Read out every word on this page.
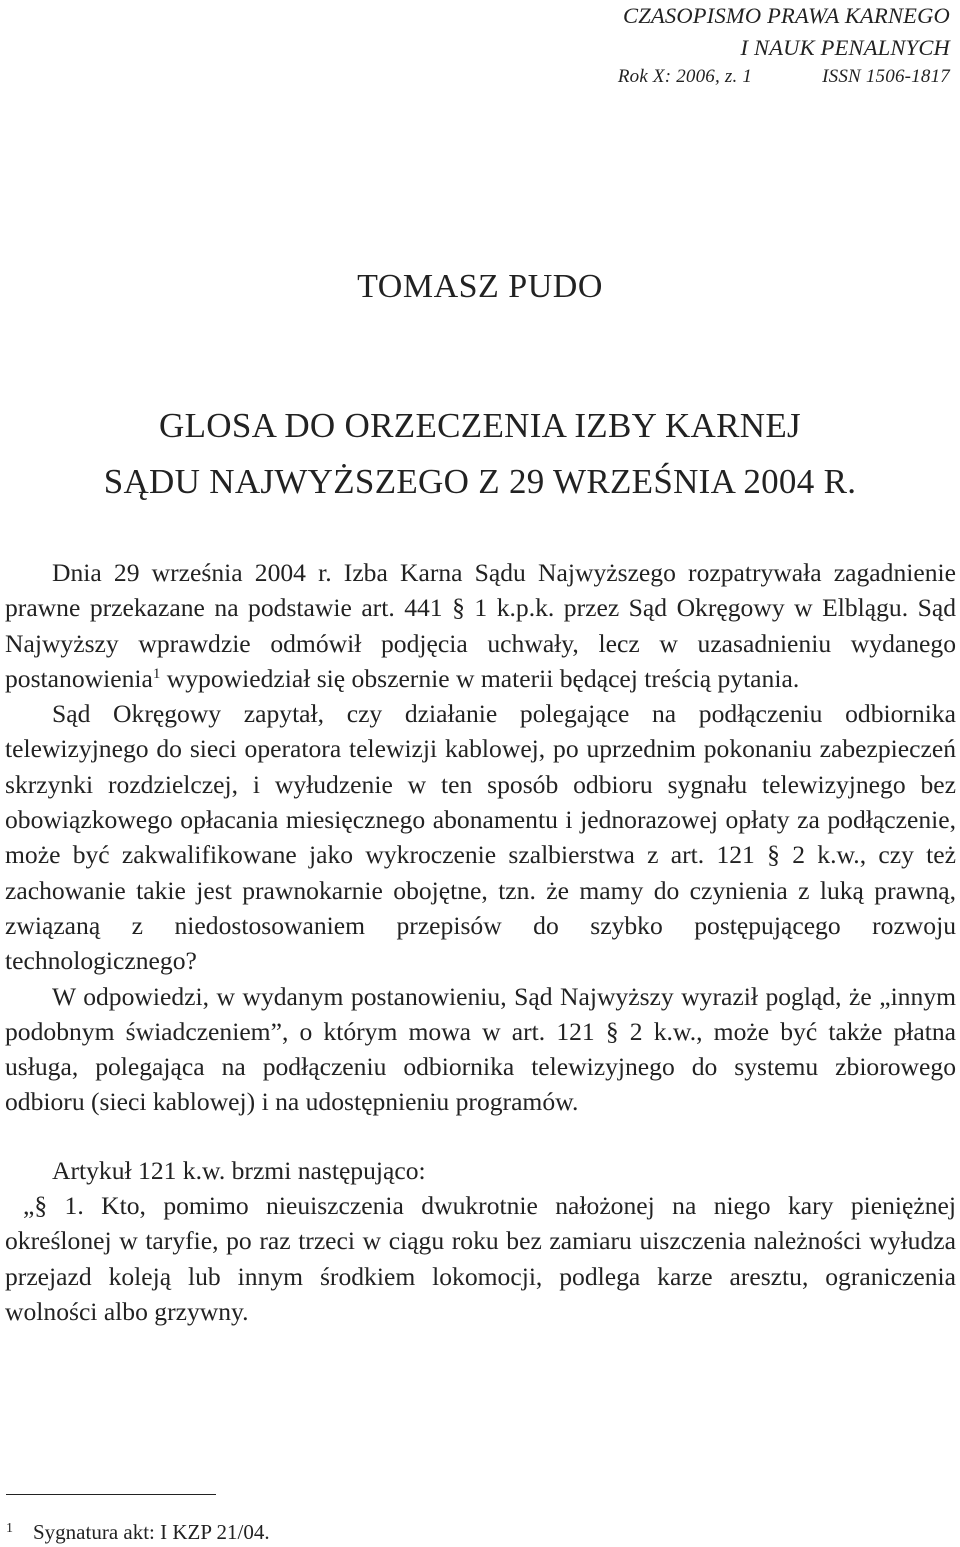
CZASOPISMO PRAWA KARNEGO
I NAUK PENALNYCH
Rok X: 2006, z. 1	ISSN 1506-1817
TOMASZ PUDO
GLOSA DO ORZECZENIA IZBY KARNEJ
SĄDU NAJWYŻSZEGO Z 29 WRZEŚNIA 2004 R.

Dnia 29 września 2004 r. Izba Karna Sądu Najwyższego rozpatrywała zagadnienie prawne przekazane na podstawie art. 441 § 1 k.p.k. przez Sąd Okręgowy w Elblągu. Sąd Najwyższy wprawdzie odmówił podjęcia uchwały, lecz w uzasadnieniu wydanego postanowienia$^1$ wypowiedział się obszernie w materii będącej treścią pytania.

Sąd Okręgowy zapytał, czy działanie polegające na podłączeniu odbiornika telewizyjnego do sieci operatora telewizji kablowej, po uprzednim pokonaniu zabezpieczeń skrzynki rozdzielczej, i wyłudzenie w ten sposób odbioru sygnału telewizyjnego bez obowiązkowego opłacania miesięcznego abonamentu i jednorazowej opłaty za podłączenie, może być zakwalifikowane jako wykroczenie szalbierstwa z art. 121 § 2 k.w., czy też zachowanie takie jest prawnokarnie obojętne, tzn. że mamy do czynienia z luką prawną, związaną z niedostosowaniem przepisów do szybko postępującego rozwoju technologicznego?

W odpowiedzi, w wydanym postanowieniu, Sąd Najwyższy wyraził pogląd, że „innym podobnym świadczeniem”, o którym mowa w art. 121 § 2 k.w., może być także płatna usługa, polegająca na podłączeniu odbiornika telewizyjnego do systemu zbiorowego odbioru (sieci kablowej) i na udostępnieniu programów.

Artykuł 121 k.w. brzmi następująco:

„§ 1. Kto, pomimo nieuiszczenia dwukrotnie nałożonej na niego kary pieniężnej określonej w taryfie, po raz trzeci w ciągu roku bez zamiaru uiszczenia należności wyłudza przejazd koleją lub innym środkiem lokomocji, podlega karze aresztu, ograniczenia wolności albo grzywny.

$^1$ Sygnatura akt: I KZP 21/04.
